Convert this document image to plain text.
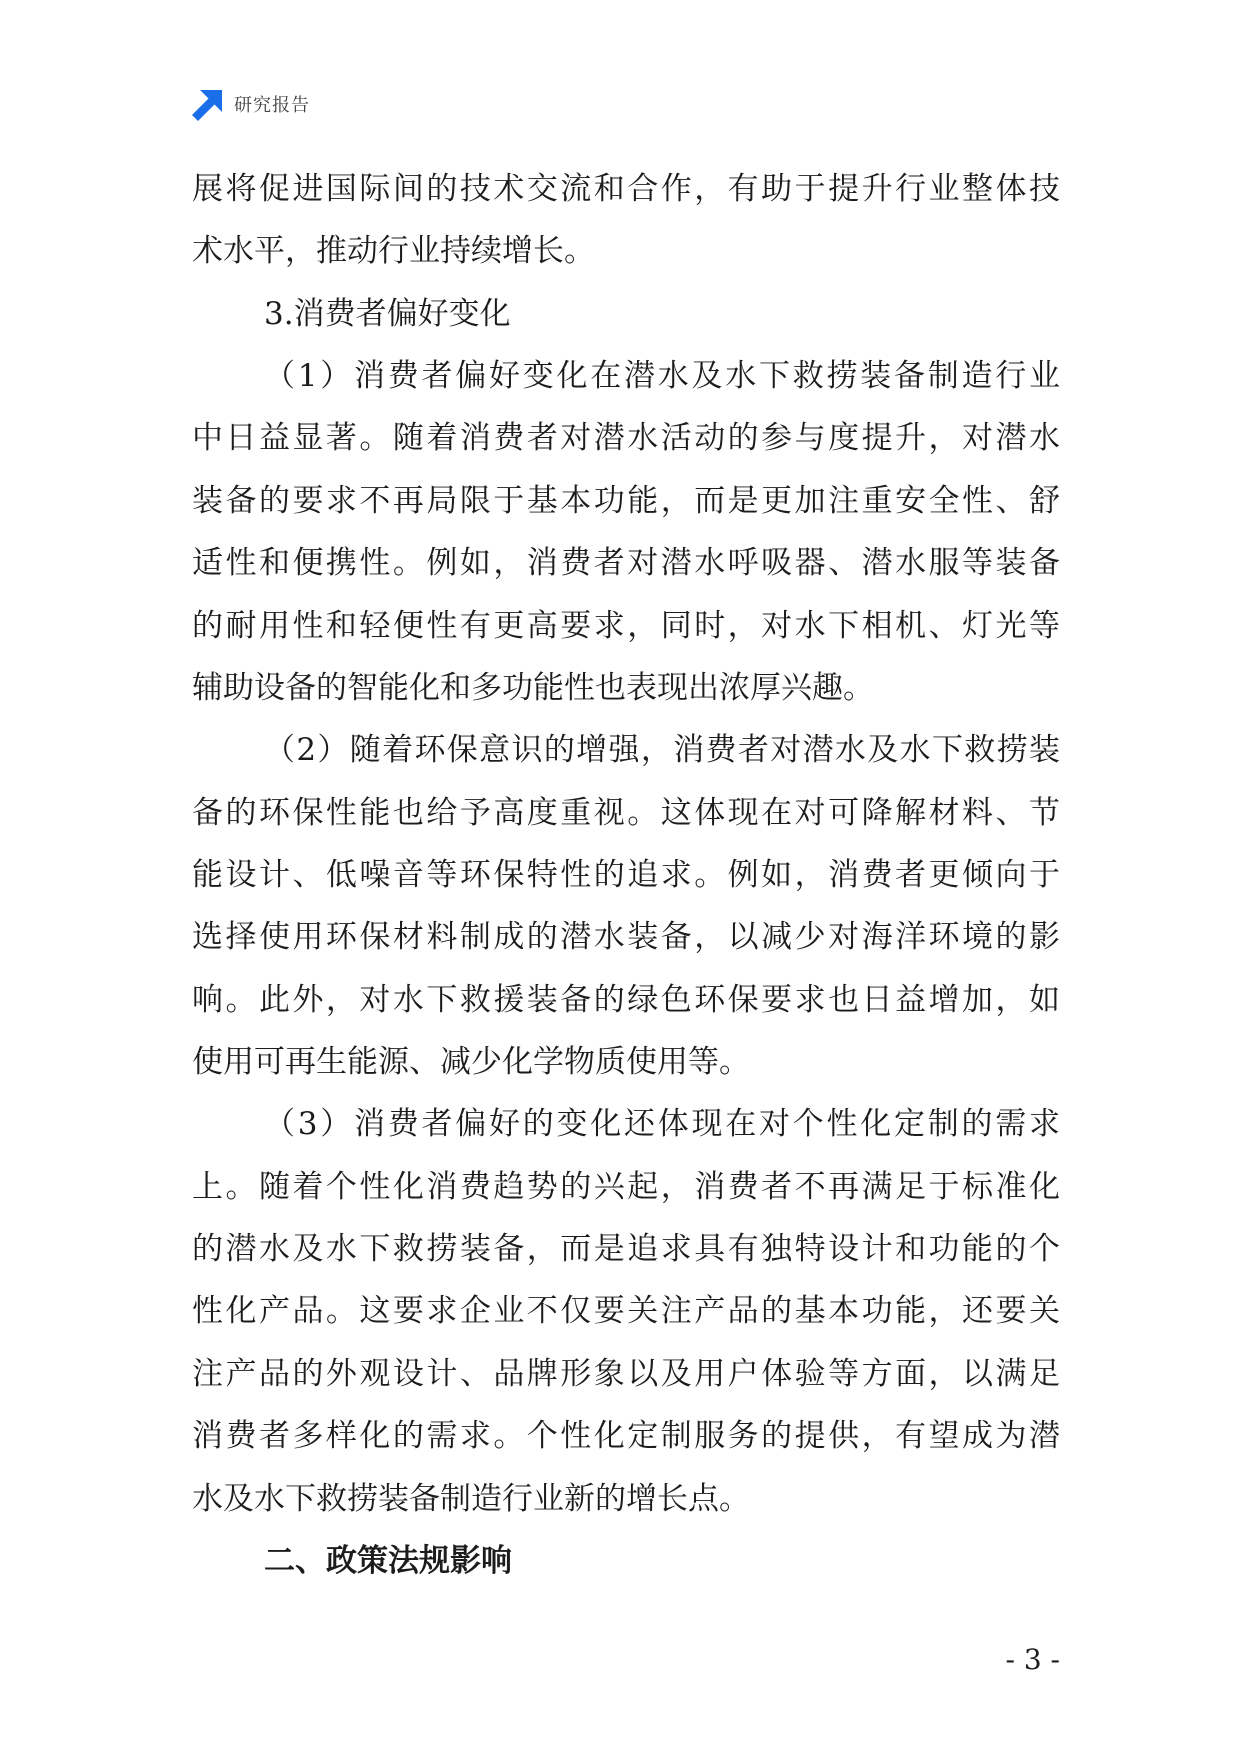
研究报告
展将促进国际间的技术交流和合作，有助于提升行业整体技
术水平，推动行业持续增长。
3.消费者偏好变化
（1）消费者偏好变化在潜水及水下救捞装备制造行业
中日益显著。随着消费者对潜水活动的参与度提升，对潜水
装备的要求不再局限于基本功能，而是更加注重安全性、舒
适性和便携性。例如，消费者对潜水呼吸器、潜水服等装备
的耐用性和轻便性有更高要求，同时，对水下相机、灯光等
辅助设备的智能化和多功能性也表现出浓厚兴趣。
（2）随着环保意识的增强，消费者对潜水及水下救捞装
备的环保性能也给予高度重视。这体现在对可降解材料、节
能设计、低噪音等环保特性的追求。例如，消费者更倾向于
选择使用环保材料制成的潜水装备，以减少对海洋环境的影
响。此外，对水下救援装备的绿色环保要求也日益增加，如
使用可再生能源、减少化学物质使用等。
（3）消费者偏好的变化还体现在对个性化定制的需求
上。随着个性化消费趋势的兴起，消费者不再满足于标准化
的潜水及水下救捞装备，而是追求具有独特设计和功能的个
性化产品。这要求企业不仅要关注产品的基本功能，还要关
注产品的外观设计、品牌形象以及用户体验等方面，以满足
消费者多样化的需求。个性化定制服务的提供，有望成为潜
水及水下救捞装备制造行业新的增长点。
二、政策法规影响
- 3 -
